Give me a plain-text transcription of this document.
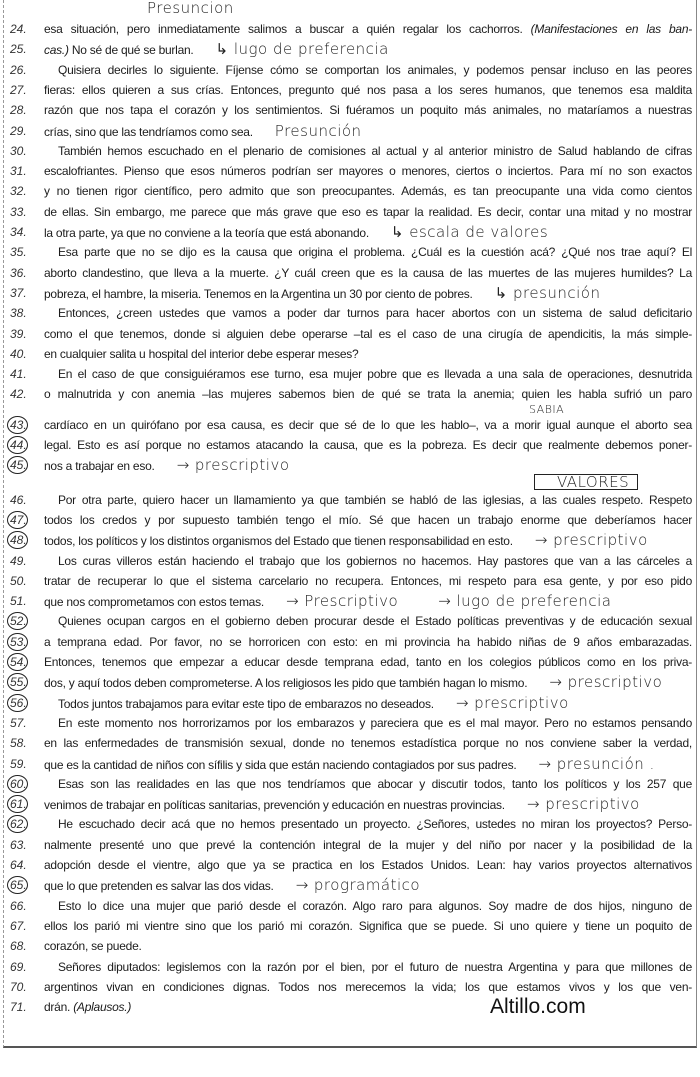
24.	esa situación, pero inmediatamente salimos a buscar a quién regalar los cachorros. (Manifestaciones en las ban-
25.	cas.) No sé de qué se burlan. ↳ lugo de preferencia
26.	Quisiera decirles lo siguiente. Fíjense cómo se comportan los animales, y podemos pensar incluso en las peores
27.	fieras: ellos quieren a sus crías. Entonces, pregunto qué nos pasa a los seres humanos, que tenemos esa maldita
28.	razón que nos tapa el corazón y los sentimientos. Si fuéramos un poquito más animales, no mataríamos a nuestras
29.	crías, sino que las tendríamos como sea. Presunción
30.	También hemos escuchado en el plenario de comisiones al actual y al anterior ministro de Salud hablando de cifras
31.	escalofriantes. Pienso que esos números podrían ser mayores o menores, ciertos o inciertos. Para mí no son exactos
32.	y no tienen rigor científico, pero admito que son preocupantes. Además, es tan preocupante una vida como cientos
33.	de ellas. Sin embargo, me parece que más grave que eso es tapar la realidad. Es decir, contar una mitad y no mostrar
34.	la otra parte, ya que no conviene a la teoría que está abonando. ↳ escala de valores
35.	Esa parte que no se dijo es la causa que origina el problema. ¿Cuál es la cuestión acá? ¿Qué nos trae aquí? El
36.	aborto clandestino, que lleva a la muerte. ¿Y cuál creen que es la causa de las muertes de las mujeres humildes? La
37.	pobreza, el hambre, la miseria. Tenemos en la Argentina un 30 por ciento de pobres. ↳ presunción
38.	Entonces, ¿creen ustedes que vamos a poder dar turnos para hacer abortos con un sistema de salud deficitario
39.	como el que tenemos, donde si alguien debe operarse –tal es el caso de una cirugía de apendicitis, la más simple-
40.	en cualquier salita u hospital del interior debe esperar meses?
41.	En el caso de que consiguiéramos ese turno, esa mujer pobre que es llevada a una sala de operaciones, desnutrida
42.	o malnutrida y con anemia –las mujeres sabemos bien de qué se trata la anemia; quien les habla sufrió un paro
43.	cardíaco en un quirófano por esa causa, es decir que sé de lo que les hablo–, va a morir igual aunque el aborto sea
SABIA
44.	legal. Esto es así porque no estamos atacando la causa, que es la pobreza. Es decir que realmente debemos poner-
45.	nos a trabajar en eso. → prescriptivo
46.	Por otra parte, quiero hacer un llamamiento ya que también se habló de las iglesias, a las cuales respeto. Respeto
VALORES
47.	todos los credos y por supuesto también tengo el mío. Sé que hacen un trabajo enorme que deberíamos hacer
48.	todos, los políticos y los distintos organismos del Estado que tienen responsabilidad en esto. → prescriptivo
49.	Los curas villeros están haciendo el trabajo que los gobiernos no hacemos. Hay pastores que van a las cárceles a
50.	tratar de recuperar lo que el sistema carcelario no recupera. Entonces, mi respeto para esa gente, y por eso pido
51.	que nos comprometamos con estos temas. → Prescriptivo	→ lugo de preferencia
52.	Quienes ocupan cargos en el gobierno deben procurar desde el Estado políticas preventivas y de educación sexual
53.	a temprana edad. Por favor, no se horroricen con esto: en mi provincia ha habido niñas de 9 años embarazadas.
54.	Entonces, tenemos que empezar a educar desde temprana edad, tanto en los colegios públicos como en los priva-
55.	dos, y aquí todos deben comprometerse. A los religiosos les pido que también hagan lo mismo. → prescriptivo
56.	Todos juntos trabajamos para evitar este tipo de embarazos no deseados. → prescriptivo
57.	En este momento nos horrorizamos por los embarazos y pareciera que es el mal mayor. Pero no estamos pensando
58.	en las enfermedades de transmisión sexual, donde no tenemos estadística porque no nos conviene saber la verdad,
59.	que es la cantidad de niños con sífilis y sida que están naciendo contagiados por sus padres. → presunción .
60.	Esas son las realidades en las que nos tendríamos que abocar y discutir todos, tanto los políticos y los 257 que
61.	venimos de trabajar en políticas sanitarias, prevención y educación en nuestras provincias. → prescriptivo
62.	He escuchado decir acá que no hemos presentado un proyecto. ¿Señores, ustedes no miran los proyectos? Perso-
63.	nalmente presenté uno que prevé la contención integral de la mujer y del niño por nacer y la posibilidad de la
64.	adopción desde el vientre, algo que ya se practica en los Estados Unidos. Lean: hay varios proyectos alternativos
65.	que lo que pretenden es salvar las dos vidas. → programático
66.	Esto lo dice una mujer que parió desde el corazón. Algo raro para algunos. Soy madre de dos hijos, ninguno de
67.	ellos los parió mi vientre sino que los parió mi corazón. Significa que se puede. Si uno quiere y tiene un poquito de
68.	corazón, se puede.
69.	Señores diputados: legislemos con la razón por el bien, por el futuro de nuestra Argentina y para que millones de
70.	argentinos vivan en condiciones dignas. Todos nos merecemos la vida; los que estamos vivos y los que ven-
71.	drán. (Aplausos.)
Presuncion
Altillo.com
